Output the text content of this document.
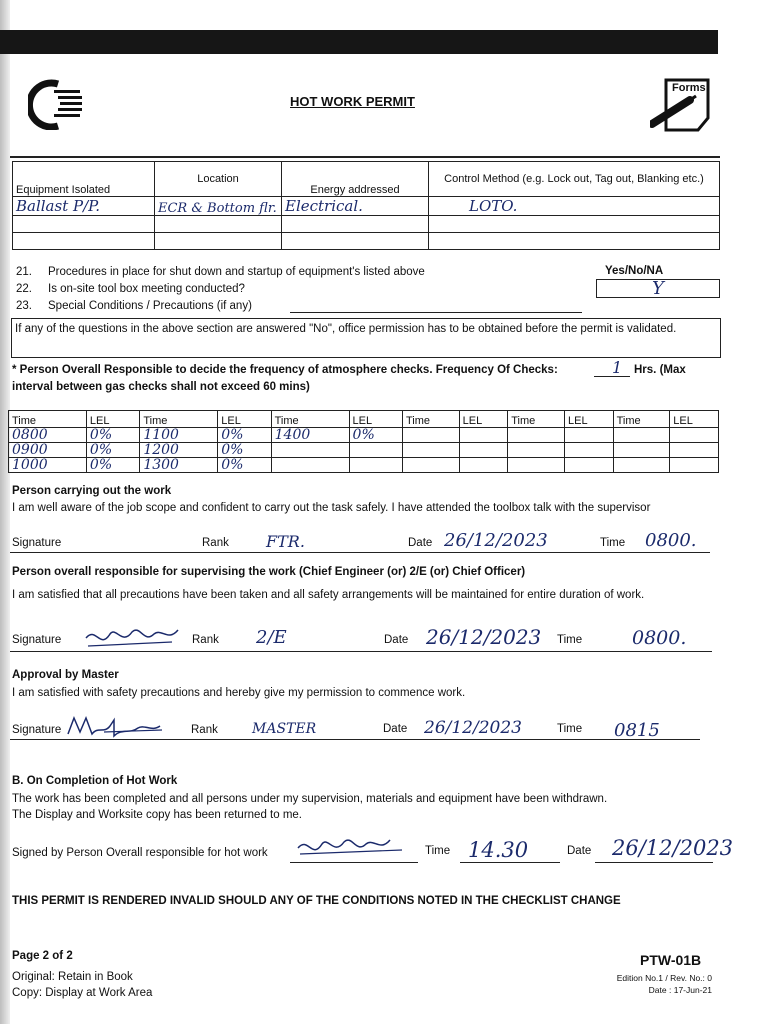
HOT WORK PERMIT
Forms
Equipment Isolated	Location	Energy addressed	Control Method (e.g. Lock out, Tag out, Blanking etc.)
Ballast P/P.	ECR & Bottom flr.	Electrical.	LOTO.

21. Procedures in place for shut down and startup of equipment's listed above
22. Is on-site tool box meeting conducted?
23. Special Conditions / Precautions (if any)
Yes/No/NA
Y
If any of the questions in the above section are answered "No", office permission has to be obtained before the permit is validated.
* Person Overall Responsible to decide the frequency of atmosphere checks. Frequency Of Checks:	1 Hrs. (Max
interval between gas checks shall not exceed 60 mins)
Time	LEL	Time	LEL	Time	LEL	Time	LEL	Time	LEL	Time	LEL
0800	0%	1100	0%	1400	0%						
0900	0%	1200	0%								
1000	0%	1300	0%								
Person carrying out the work
I am well aware of the job scope and confident to carry out the task safely. I have attended the toolbox talk with the supervisor
Signature	Rank FTR.	Date 26/12/2023	Time 0800.
Person overall responsible for supervising the work (Chief Engineer (or) 2/E (or) Chief Officer)
I am satisfied that all precautions have been taken and all safety arrangements will be maintained for entire duration of work.
Signature	Rank 2/E	Date 26/12/2023 Time	0800.
Approval by Master
I am satisfied with safety precautions and hereby give my permission to commence work.
Signature	Rank MASTER	Date 26/12/2023	Time 0815
B. On Completion of Hot Work
The work has been completed and all persons under my supervision, materials and equipment have been withdrawn.
The Display and Worksite copy has been returned to me.
Signed by Person Overall responsible for hot work	Time 14.30	Date 26/12/2023
THIS PERMIT IS RENDERED INVALID SHOULD ANY OF THE CONDITIONS NOTED IN THE CHECKLIST CHANGE
Page 2 of 2
Original: Retain in Book
Copy: Display at Work Area
PTW-01B
Edition No.1 / Rev. No.: 0
Date : 17-Jun-21
